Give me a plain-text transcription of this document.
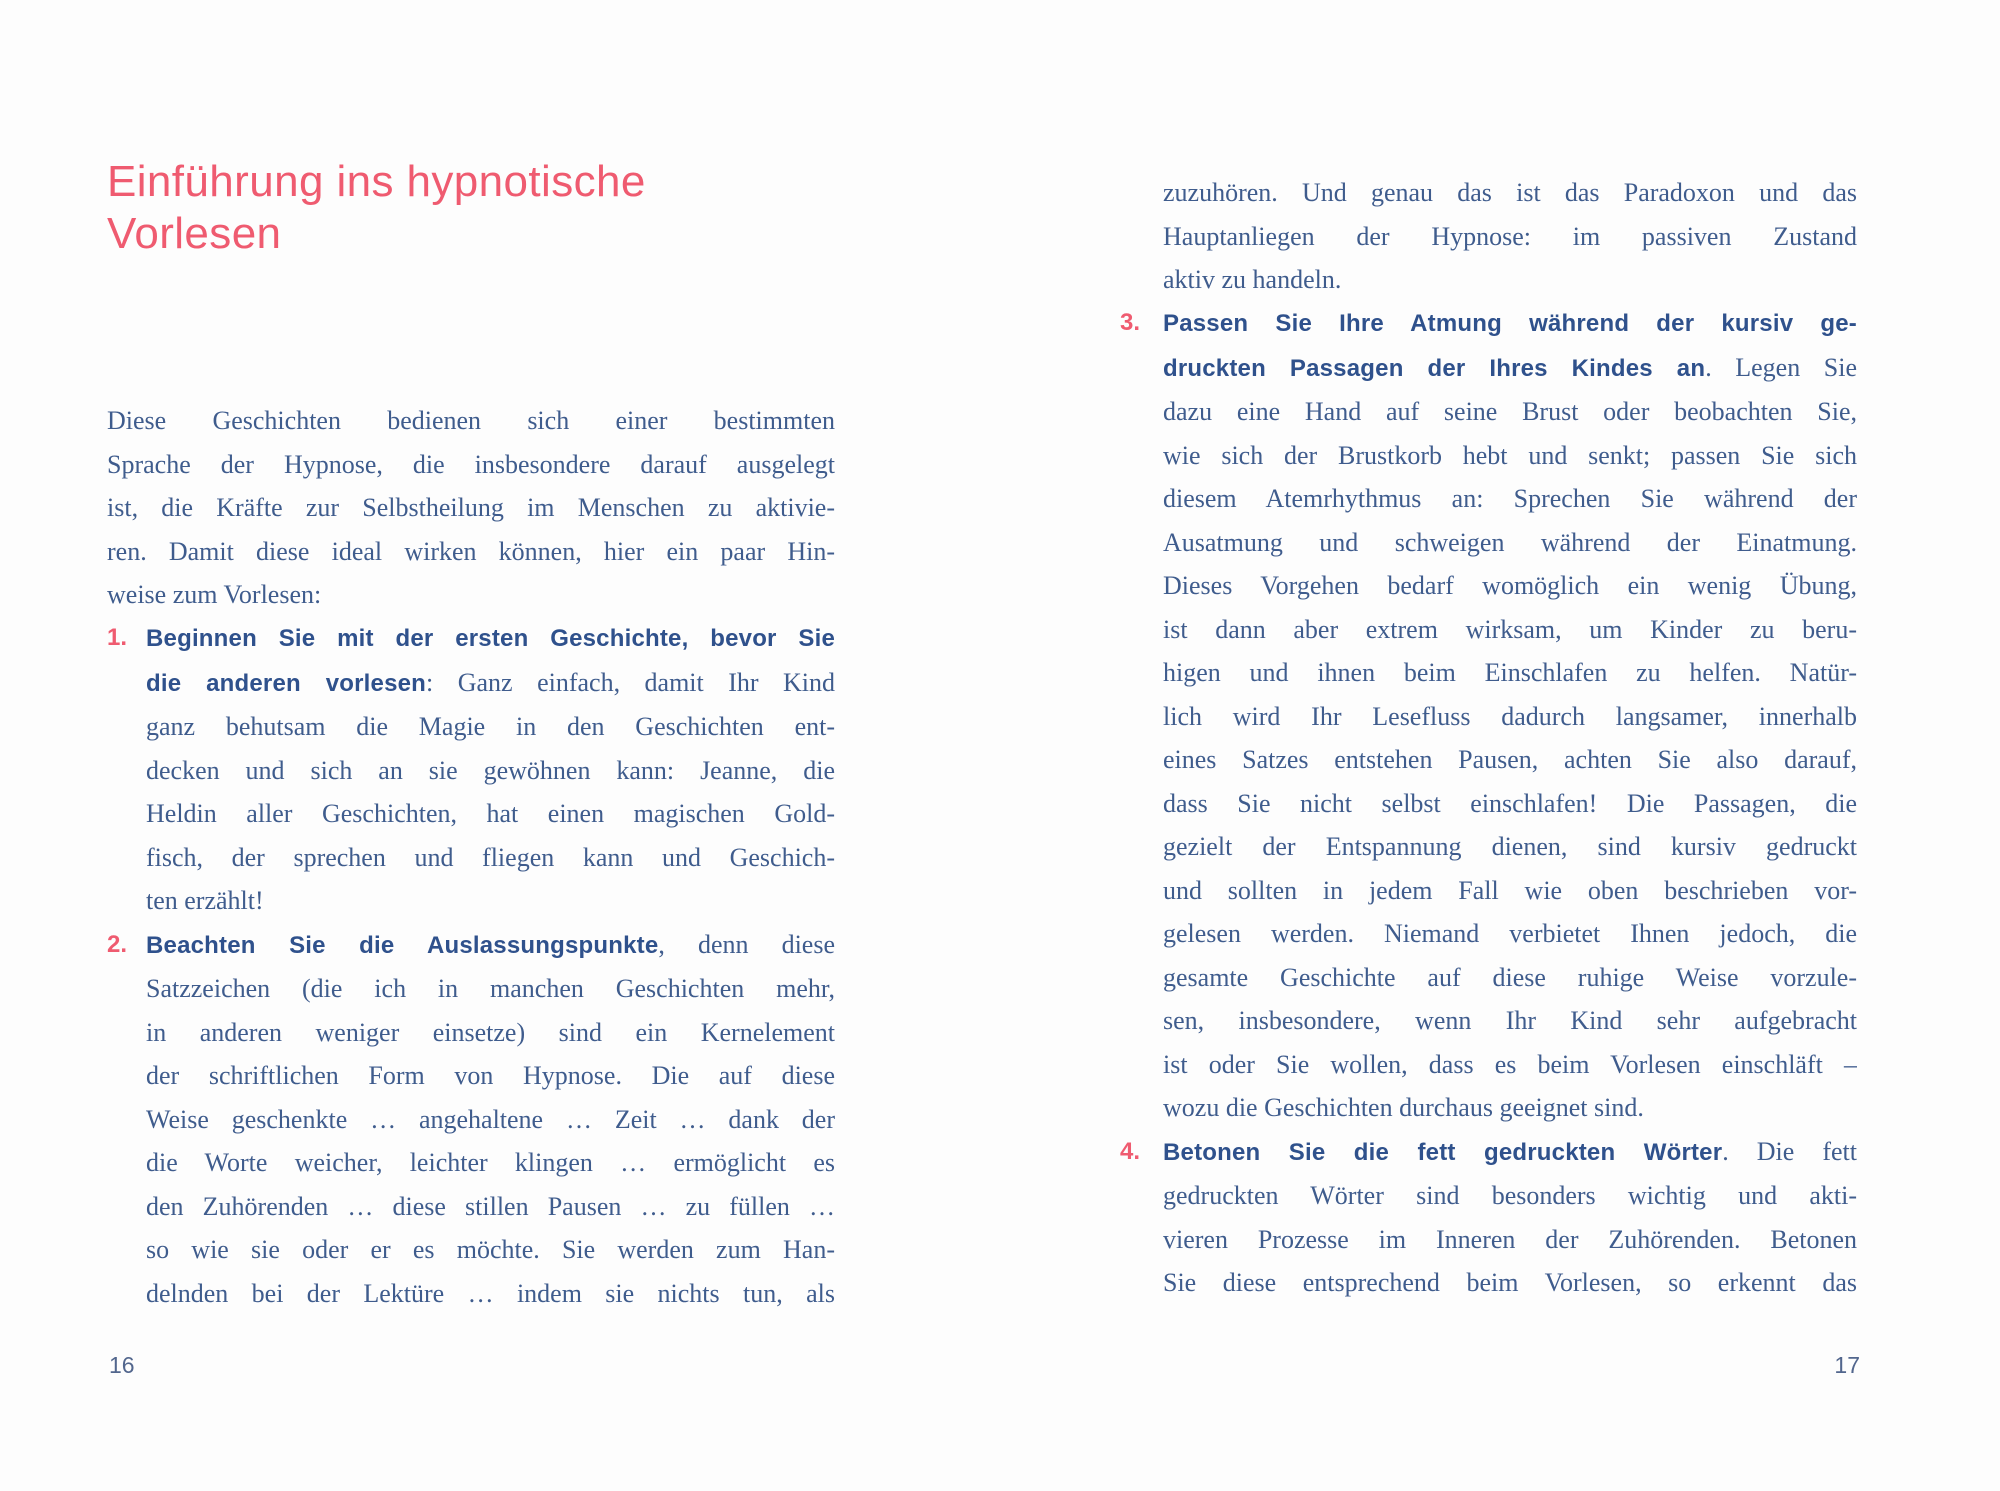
Einführung ins hypnotische
Vorlesen
Diese Geschichten bedienen sich einer bestimmten
Sprache der Hypnose, die insbesondere darauf ausgelegt
ist, die Kräfte zur Selbstheilung im Menschen zu aktivie-
ren. Damit diese ideal wirken können, hier ein paar Hin-
weise zum Vorlesen:
1. Beginnen Sie mit der ersten Geschichte, bevor Sie
die anderen vorlesen: Ganz einfach, damit Ihr Kind
ganz behutsam die Magie in den Geschichten ent-
decken und sich an sie gewöhnen kann: Jeanne, die
Heldin aller Geschichten, hat einen magischen Gold-
fisch, der sprechen und fliegen kann und Geschich-
ten erzählt!
2. Beachten Sie die Auslassungspunkte, denn diese
Satzzeichen (die ich in manchen Geschichten mehr,
in anderen weniger einsetze) sind ein Kernelement
der schriftlichen Form von Hypnose. Die auf diese
Weise geschenkte … angehaltene … Zeit … dank der
die Worte weicher, leichter klingen … ermöglicht es
den Zuhörenden … diese stillen Pausen … zu füllen …
so wie sie oder er es möchte. Sie werden zum Han-
delnden bei der Lektüre … indem sie nichts tun, als
16
zuzuhören. Und genau das ist das Paradoxon und das
Hauptanliegen der Hypnose: im passiven Zustand
aktiv zu handeln.
3. Passen Sie Ihre Atmung während der kursiv ge-
druckten Passagen der Ihres Kindes an. Legen Sie
dazu eine Hand auf seine Brust oder beobachten Sie,
wie sich der Brustkorb hebt und senkt; passen Sie sich
diesem Atemrhythmus an: Sprechen Sie während der
Ausatmung und schweigen während der Einatmung.
Dieses Vorgehen bedarf womöglich ein wenig Übung,
ist dann aber extrem wirksam, um Kinder zu beru-
higen und ihnen beim Einschlafen zu helfen. Natür-
lich wird Ihr Lesefluss dadurch langsamer, innerhalb
eines Satzes entstehen Pausen, achten Sie also darauf,
dass Sie nicht selbst einschlafen! Die Passagen, die
gezielt der Entspannung dienen, sind kursiv gedruckt
und sollten in jedem Fall wie oben beschrieben vor-
gelesen werden. Niemand verbietet Ihnen jedoch, die
gesamte Geschichte auf diese ruhige Weise vorzule-
sen, insbesondere, wenn Ihr Kind sehr aufgebracht
ist oder Sie wollen, dass es beim Vorlesen einschläft –
wozu die Geschichten durchaus geeignet sind.
4. Betonen Sie die fett gedruckten Wörter. Die fett
gedruckten Wörter sind besonders wichtig und akti-
vieren Prozesse im Inneren der Zuhörenden. Betonen
Sie diese entsprechend beim Vorlesen, so erkennt das
17
